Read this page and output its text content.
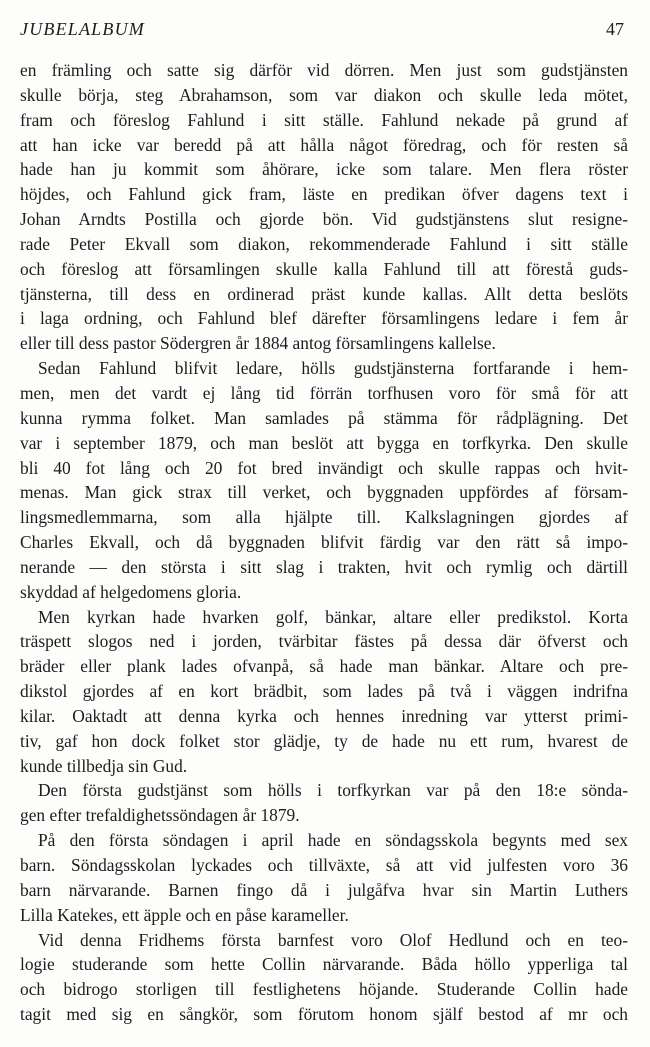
JUBELALBUM	47
en främling och satte sig därför vid dörren. Men just som gudstjänsten
skulle börja, steg Abrahamson, som var diakon och skulle leda mötet,
fram och föreslog Fahlund i sitt ställe. Fahlund nekade på grund af
att han icke var beredd på att hålla något föredrag, och för resten så
hade han ju kommit som åhörare, icke som talare. Men flera röster
höjdes, och Fahlund gick fram, läste en predikan öfver dagens text i
Johan Arndts Postilla och gjorde bön. Vid gudstjänstens slut resigne-
rade Peter Ekvall som diakon, rekommenderade Fahlund i sitt ställe
och föreslog att församlingen skulle kalla Fahlund till att förestå guds-
tjänsterna, till dess en ordinerad präst kunde kallas. Allt detta beslöts
i laga ordning, och Fahlund blef därefter församlingens ledare i fem år
eller till dess pastor Södergren år 1884 antog församlingens kallelse.
Sedan Fahlund blifvit ledare, hölls gudstjänsterna fortfarande i hem-
men, men det vardt ej lång tid förrän torfhusen voro för små för att
kunna rymma folket. Man samlades på stämma för rådplägning. Det
var i september 1879, och man beslöt att bygga en torfkyrka. Den skulle
bli 40 fot lång och 20 fot bred invändigt och skulle rappas och hvit-
menas. Man gick strax till verket, och byggnaden uppfördes af försam-
lingsmedlemmarna, som alla hjälpte till. Kalkslagningen gjordes af
Charles Ekvall, och då byggnaden blifvit färdig var den rätt så impo-
nerande — den största i sitt slag i trakten, hvit och rymlig och därtill
skyddad af helgedomens gloria.
Men kyrkan hade hvarken golf, bänkar, altare eller predikstol. Korta
träspett slogos ned i jorden, tvärbitar fästes på dessa där öfverst och
bräder eller plank lades ofvanpå, så hade man bänkar. Altare och pre-
dikstol gjordes af en kort brädbit, som lades på två i väggen indrifna
kilar. Oaktadt att denna kyrka och hennes inredning var ytterst primi-
tiv, gaf hon dock folket stor glädje, ty de hade nu ett rum, hvarest de
kunde tillbedja sin Gud.
Den första gudstjänst som hölls i torfkyrkan var på den 18:e sönda-
gen efter trefaldighetssöndagen år 1879.
På den första söndagen i april hade en söndagsskola begynts med sex
barn. Söndagsskolan lyckades och tillväxte, så att vid julfesten voro 36
barn närvarande. Barnen fingo då i julgåfva hvar sin Martin Luthers
Lilla Katekes, ett äpple och en påse karameller.
Vid denna Fridhems första barnfest voro Olof Hedlund och en teo-
logie studerande som hette Collin närvarande. Båda höllo ypperliga tal
och bidrogo storligen till festlighetens höjande. Studerande Collin hade
tagit med sig en sångkör, som förutom honom själf bestod af mr och
